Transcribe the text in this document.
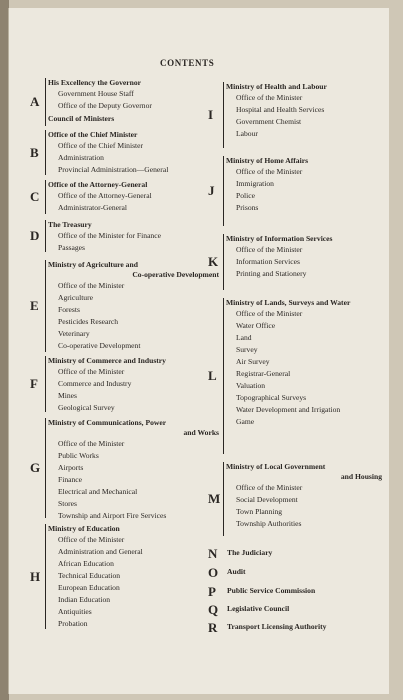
CONTENTS
A
His Excellency the Governor
Government House Staff
Office of the Deputy Governor
Council of Ministers
B
Office of the Chief Minister
Office of the Chief Minister
Administration
Provincial Administration—General
C
Office of the Attorney-General
Office of the Attorney-General
Administrator-General
D
The Treasury
Office of the Minister for Finance
Passages
E
Ministry of Agriculture and
Co-operative Development
Office of the Minister
Agriculture
Forests
Pesticides Research
Veterinary
Co-operative Development
F
Ministry of Commerce and Industry
Office of the Minister
Commerce and Industry
Mines
Geological Survey
G
Ministry of Communications, Power
and Works
Office of the Minister
Public Works
Airports
Finance
Electrical and Mechanical
Stores
Township and Airport Fire Services
H
Ministry of Education
Office of the Minister
Administration and General
African Education
Technical Education
European Education
Indian Education
Antiquities
Probation
I
Ministry of Health and Labour
Office of the Minister
Hospital and Health Services
Government Chemist
Labour
J
Ministry of Home Affairs
Office of the Minister
Immigration
Police
Prisons
K
Ministry of Information Services
Office of the Minister
Information Services
Printing and Stationery
L
Ministry of Lands, Surveys and Water
Office of the Minister
Water Office
Land
Survey
Air Survey
Registrar-General
Valuation
Topographical Surveys
Water Development and Irrigation
Game
M
Ministry of Local Government
and Housing
Office of the Minister
Social Development
Town Planning
Township Authorities
N The Judiciary
O Audit
P Public Service Commission
Q Legislative Council
R Transport Licensing Authority
